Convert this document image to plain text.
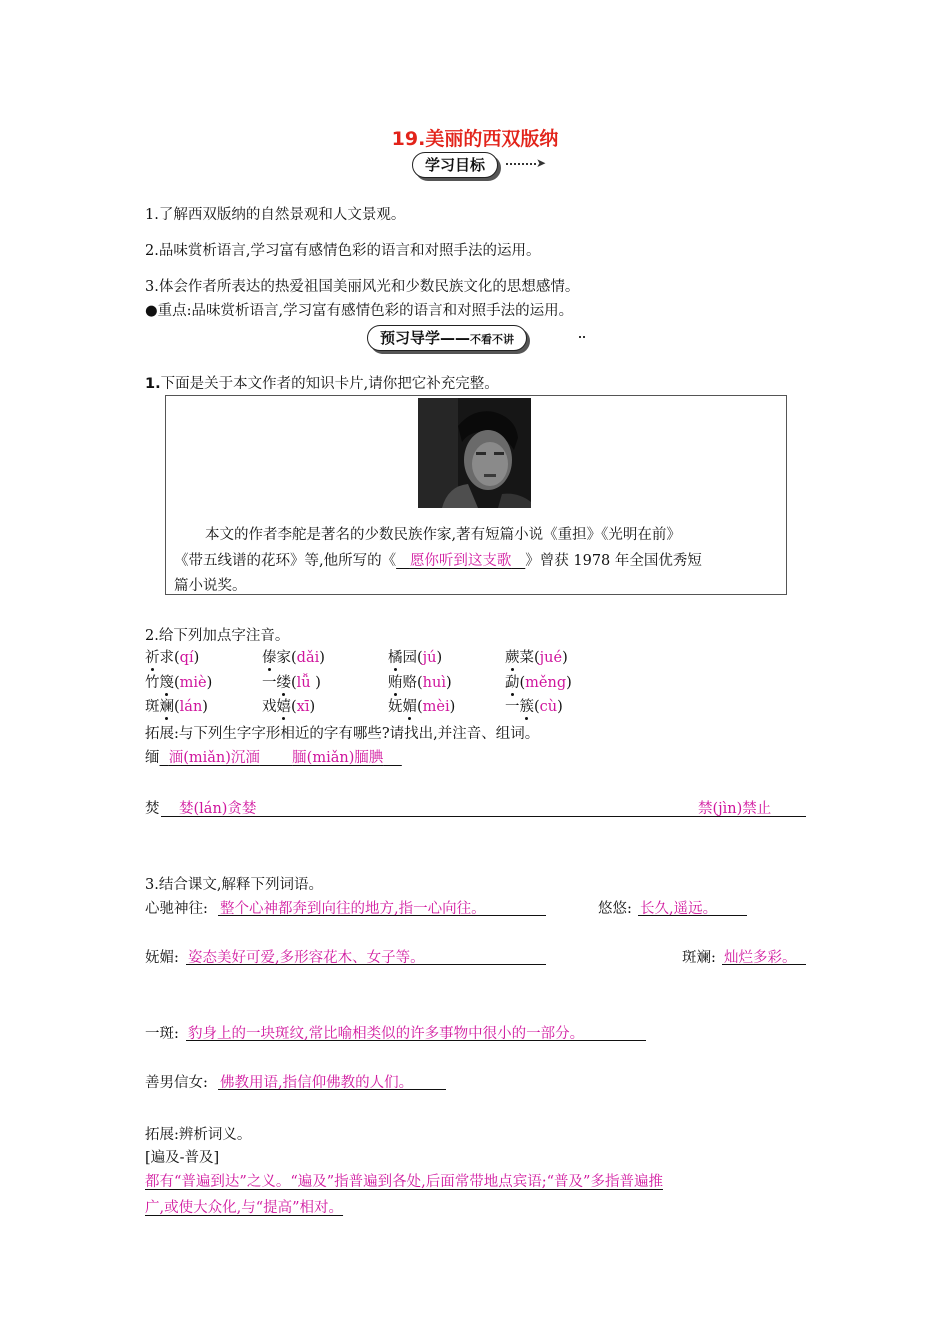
19.美丽的西双版纳
学习目标	➤
1.了解西双版纳的自然景观和人文景观。
2.品味赏析语言,学习富有感情色彩的语言和对照手法的运用。
3.体会作者所表达的热爱祖国美丽风光和少数民族文化的思想感情。
●重点:品味赏析语言,学习富有感情色彩的语言和对照手法的运用。
预习导学——不看不讲
1.下面是关于本文作者的知识卡片,请你把它补充完整。
本文的作者李舵是著名的少数民族作家,著有短篇小说《重担》《光明在前》
《带五线谱的花环》等,他所写的《 愿你听到这支歌 》曾获 1978 年全国优秀短
篇小说奖。
2.给下列加点字注音。
祈求(qí)	傣家(dǎi)	橘园(jú)	蕨菜(jué)
竹篾(miè)	一缕(lǚ )	贿赂(huì)	勐(měng)
斑斓(lán)	戏嬉(xī)	妩媚(mèi)	一簇(cù)
拓展:与下列生字字形相近的字有哪些?请找出,并注音、组词。
缅 湎(miǎn)沉湎 腼(miǎn)腼腆
焚 婪(lán)贪婪	禁(jìn)禁止
3.结合课文,解释下列词语。
心驰神往: 整个心神都奔到向往的地方,指一心向往。	悠悠: 长久,遥远。
妩媚: 姿态美好可爱,多形容花木、女子等。	斑斓: 灿烂多彩。
一斑: 豹身上的一块斑纹,常比喻相类似的许多事物中很小的一部分。
善男信女: 佛教用语,指信仰佛教的人们。
拓展:辨析词义。
[遍及-普及]
都有“普遍到达”之义。“遍及”指普遍到各处,后面常带地点宾语;“普及”多指普遍推
广,或使大众化,与“提高”相对。
